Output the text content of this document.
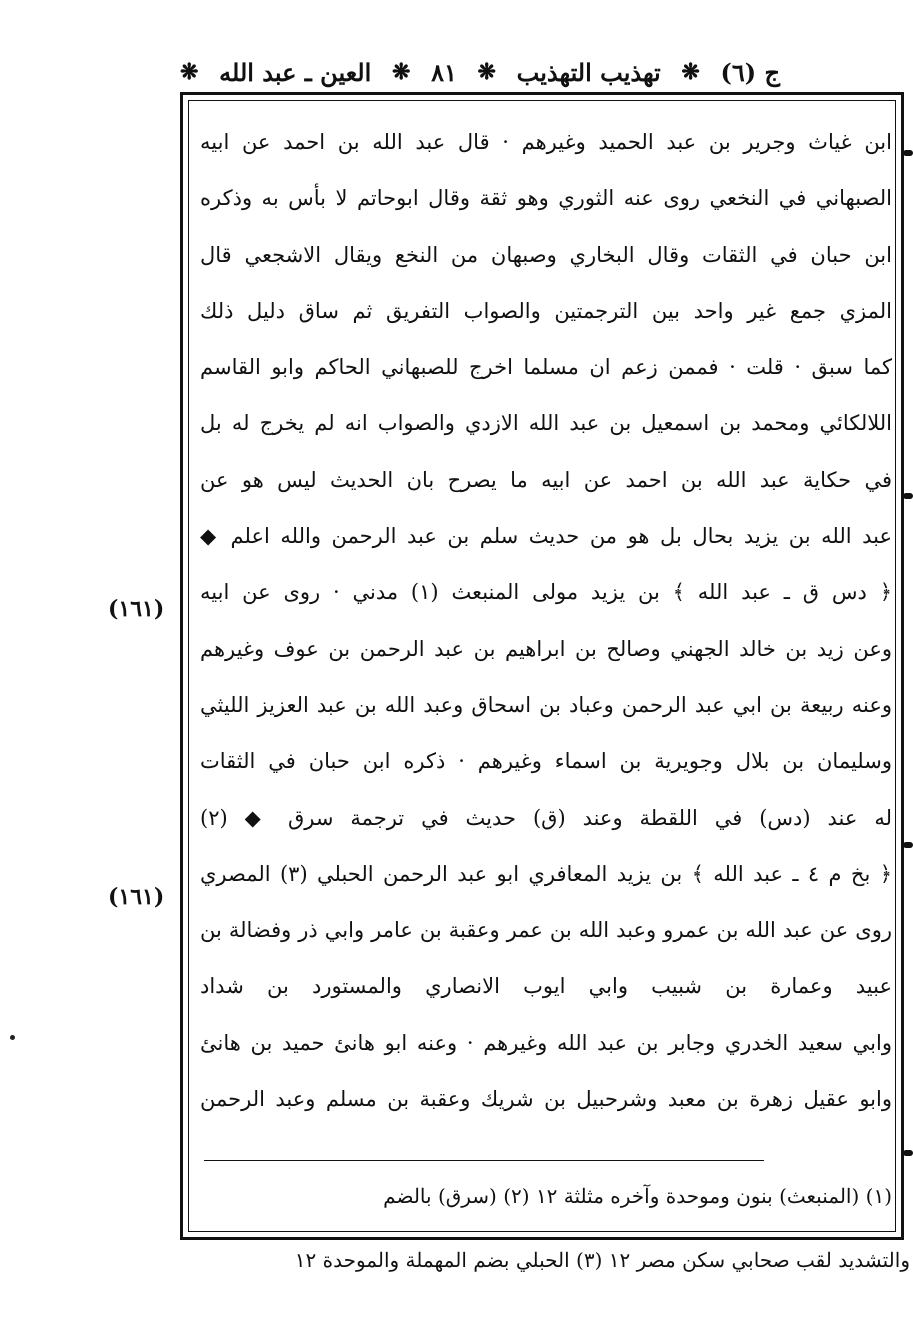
ج (٦)
❋
تهذيب التهذيب
❋
٨١
❋
العين ـ عبد الله
❋
ابن غياث وجرير بن عبد الحميد وغيرهم · قال عبد الله بن احمد عن ابيه
الصبهاني في النخعي روى عنه الثوري وهو ثقة وقال ابوحاتم لا بأس به وذكره
ابن حبان في الثقات وقال البخاري وصبهان من النخع ويقال الاشجعي قال
المزي جمع غير واحد بين الترجمتين والصواب التفريق ثم ساق دليل ذلك
كما سبق · قلت · فممن زعم ان مسلما اخرج للصبهاني الحاكم وابو القاسم
اللالكائي ومحمد بن اسمعيل بن عبد الله الازدي والصواب انه لم يخرج له بل
في حكاية عبد الله بن احمد عن ابيه ما يصرح بان الحديث ليس هو عن
عبد الله بن يزيد بحال بل هو من حديث سلم بن عبد الرحمن والله اعلم ◆
﴿ دس ق ـ عبد الله ﴾ بن يزيد مولى المنبعث (١) مدني · روى عن ابيه
وعن زيد بن خالد الجهني وصالح بن ابراهيم بن عبد الرحمن بن عوف وغيرهم
وعنه ربيعة بن ابي عبد الرحمن وعباد بن اسحاق وعبد الله بن عبد العزيز الليثي
وسليمان بن بلال وجويرية بن اسماء وغيرهم · ذكره ابن حبان في الثقات
له عند (دس) في اللقطة وعند (ق) حديث في ترجمة سرق ◆ (٢)
﴿ بخ م ٤ ـ عبد الله ﴾ بن يزيد المعافري ابو عبد الرحمن الحبلي (٣) المصري
روى عن عبد الله بن عمرو وعبد الله بن عمر وعقبة بن عامر وابي ذر وفضالة بن
عبيد وعمارة بن شبيب وابي ايوب الانصاري والمستورد بن شداد
وابي سعيد الخدري وجابر بن عبد الله وغيرهم · وعنه ابو هانئ حميد بن هانئ
وابو عقيل زهرة بن معبد وشرحبيل بن شريك وعقبة بن مسلم وعبد الرحمن
(١٦١)
(١٦١)
(١) (المنبعث) بنون وموحدة وآخره مثلثة ١٢ (٢) (سرق) بالضم
والتشديد لقب صحابي سكن مصر ١٢ (٣) الحبلي بضم المهملة والموحدة ١٢
